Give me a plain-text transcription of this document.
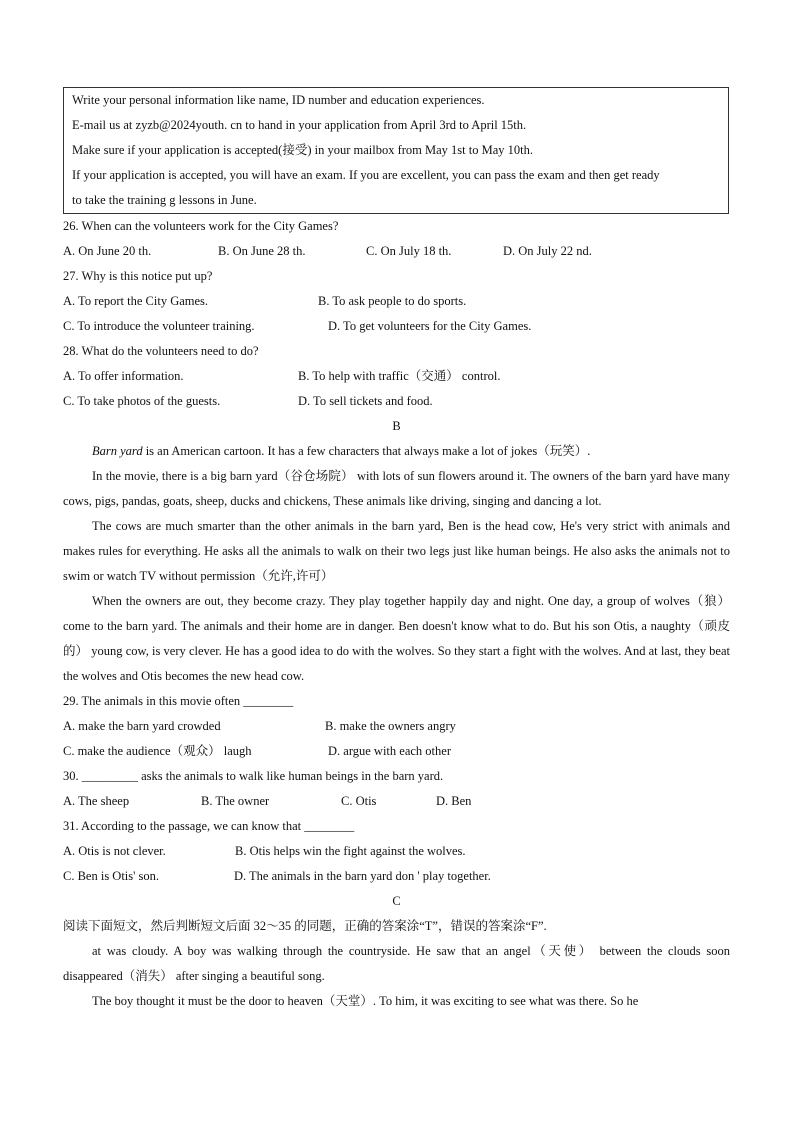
Write your personal information like name, ID number and education experiences.
E-mail us at zyzb@2024youth. cn to hand in your application from April 3rd to April 15th.
Make sure if your application is accepted(接受) in your mailbox from May 1st to May 10th.
If your application is accepted, you will have an exam. If you are excellent, you can pass the exam and then get ready
to take the training g lessons in June.
26. When can the volunteers work for the City Games?
A. On June 20 th.	B. On June 28 th.	C. On July 18 th.	D. On July 22 nd.
27. Why is this notice put up?
A. To report the City Games.	B. To ask people to do sports.
C. To introduce the volunteer training.	D. To get volunteers for the City Games.
28. What do the volunteers need to do?
A. To offer information.	B. To help with traffic（交通） control.
C. To take photos of the guests.	D. To sell tickets and food.
B
Barn yard is an American cartoon. It has a few characters that always make a lot of jokes（玩笑）.
In the movie, there is a big barn yard（谷仓场院） with lots of sun flowers around it. The owners of the barn yard have many cows, pigs, pandas, goats, sheep, ducks and chickens, These animals like driving, singing and dancing a lot.
The cows are much smarter than the other animals in the barn yard, Ben is the head cow, He's very strict with animals and makes rules for everything. He asks all the animals to walk on their two legs just like human beings. He also asks the animals not to swim or watch TV without permission（允许,许可）
When the owners are out, they become crazy. They play together happily day and night. One day, a group of wolves（狼） come to the barn yard. The animals and their home are in danger. Ben doesn't know what to do. But his son Otis, a naughty（顽皮的） young cow, is very clever. He has a good idea to do with the wolves. So they start a fight with the wolves. And at last, they beat the wolves and Otis becomes the new head cow.
29. The animals in this movie often ________
A. make the barn yard crowded	B. make the owners angry
C. make the audience（观众） laugh	D. argue with each other
30. _________ asks the animals to walk like human beings in the barn yard.
A. The sheep	B. The owner	C. Otis	D. Ben
31. According to the passage, we can know that ________
A. Otis is not clever.	B. Otis helps win the fight against the wolves.
C. Ben is Otis' son.	D. The animals in the barn yard don ' play together.
C
阅读下面短文，然后判断短文后面 32～35 的同题，正确的答案涂“T”，错误的答案涂“F”.
at was cloudy. A boy was walking through the countryside. He saw that an angel（天使） between the clouds soon disappeared（消失） after singing a beautiful song.
The boy thought it must be the door to heaven（天堂）. To him, it was exciting to see what was there. So he
